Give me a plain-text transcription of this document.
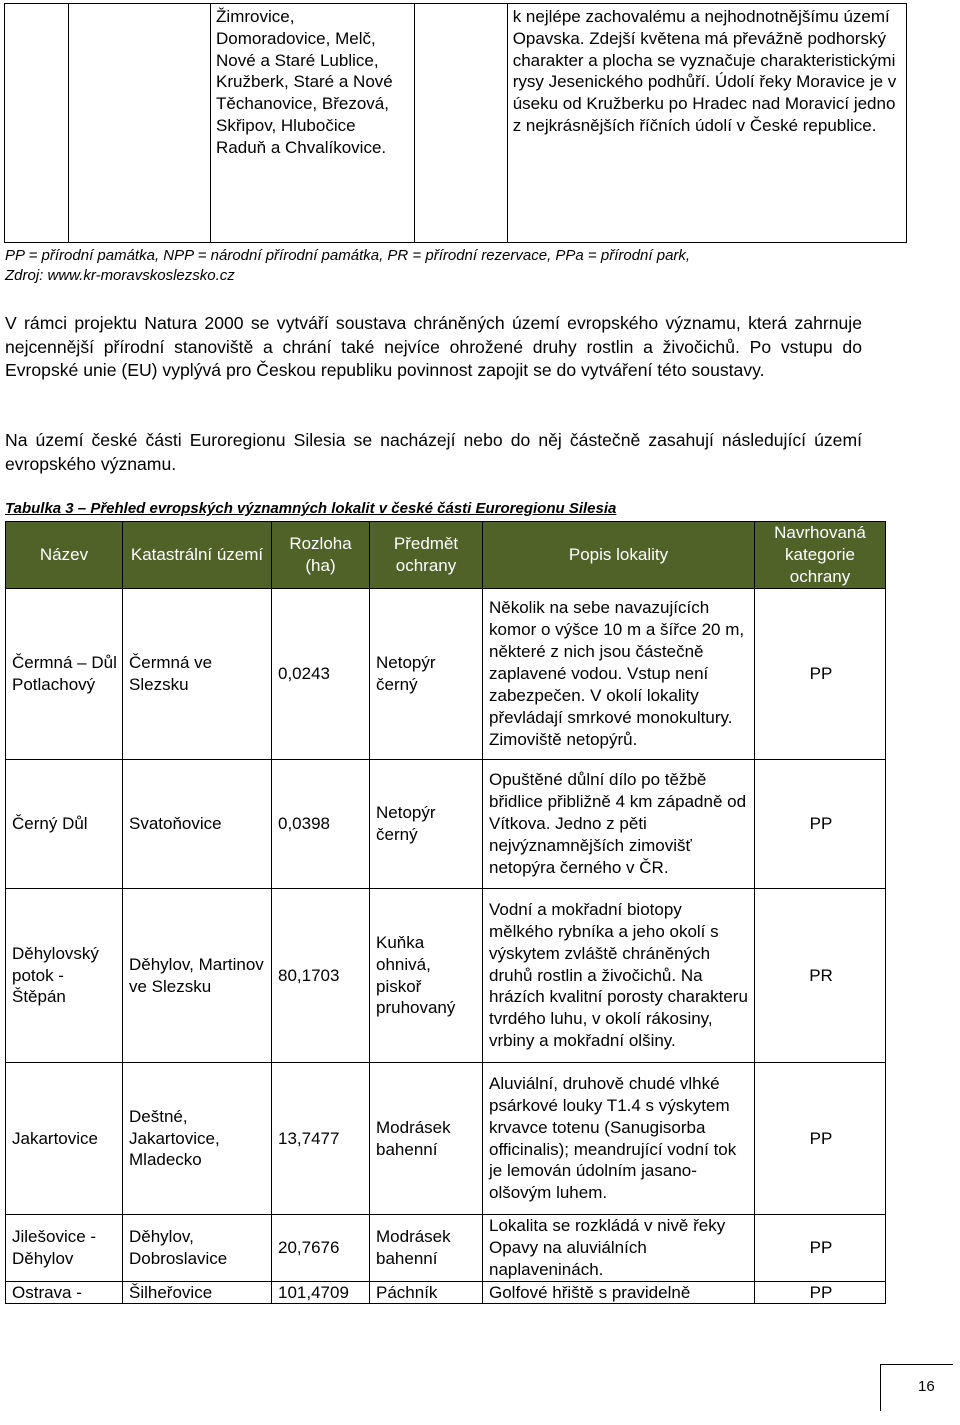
		Žimrovice, Domoradovice, Melč, Nové a Staré Lublice, Kružberk, Staré a Nové Těchanovice, Březová, Skřipov, Hlubočice Raduň a Chvalíkovice.		k nejlépe zachovalému a nejhodnotnějšímu území Opavska. Zdejší květena má převážně podhorský charakter a plocha se vyznačuje charakteristickými rysy Jesenického podhůří. Údolí řeky Moravice je v úseku od Kružberku po Hradec nad Moravicí jedno z nejkrásnějších říčních údolí v České republice.
PP = přírodní památka, NPP = národní přírodní památka, PR = přírodní rezervace, PPa = přírodní park,
Zdroj: www.kr-moravskoslezsko.cz
V rámci projektu Natura 2000 se vytváří soustava chráněných území evropského významu, která zahrnuje nejcennější přírodní stanoviště a chrání také nejvíce ohrožené druhy rostlin a živočichů. Po vstupu do Evropské unie (EU) vyplývá pro Českou republiku povinnost zapojit se do vytváření této soustavy.
Na území české části Euroregionu Silesia se nacházejí nebo do něj částečně zasahují následující území evropského významu.
Tabulka 3 – Přehled evropských významných lokalit v české části Euroregionu Silesia
Název	Katastrální území	Rozloha (ha)	Předmět ochrany	Popis lokality	Navrhovaná kategorie ochrany
Čermná – Důl Potlachový	Čermná ve Slezsku	0,0243	Netopýr černý	Několik na sebe navazujících komor o výšce 10 m a šířce 20 m, některé z nich jsou částečně zaplavené vodou. Vstup není zabezpečen. V okolí lokality převládají smrkové monokultury. Zimoviště netopýrů.	PP
Černý Důl	Svatoňovice	0,0398	Netopýr černý	Opuštěné důlní dílo po těžbě břidlice přibližně 4 km západně od Vítkova. Jedno z pěti nejvýznamnějších zimovišť netopýra černého v ČR.	PP
Děhylovský potok - Štěpán	Děhylov, Martinov ve Slezsku	80,1703	Kuňka ohnivá, piskoř pruhovaný	Vodní a mokřadní biotopy mělkého rybníka a jeho okolí s výskytem zvláště chráněných druhů rostlin a živočichů. Na hrázích kvalitní porosty charakteru tvrdého luhu, v okolí rákosiny, vrbiny a mokřadní olšiny.	PR
Jakartovice	Deštné, Jakartovice, Mladecko	13,7477	Modrásek bahenní	Aluviální, druhově chudé vlhké psárkové louky T1.4 s výskytem krvavce totenu (Sanugisorba officinalis); meandrující vodní tok je lemován údolním jasano-olšovým luhem.	PP
Jilešovice - Děhylov	Děhylov, Dobroslavice	20,7676	Modrásek bahenní	Lokalita se rozkládá v nivě řeky Opavy na aluviálních naplaveninách.	PP
Ostrava -	Šilheřovice	101,4709	Páchník	Golfové hřiště s pravidelně	PP
16
